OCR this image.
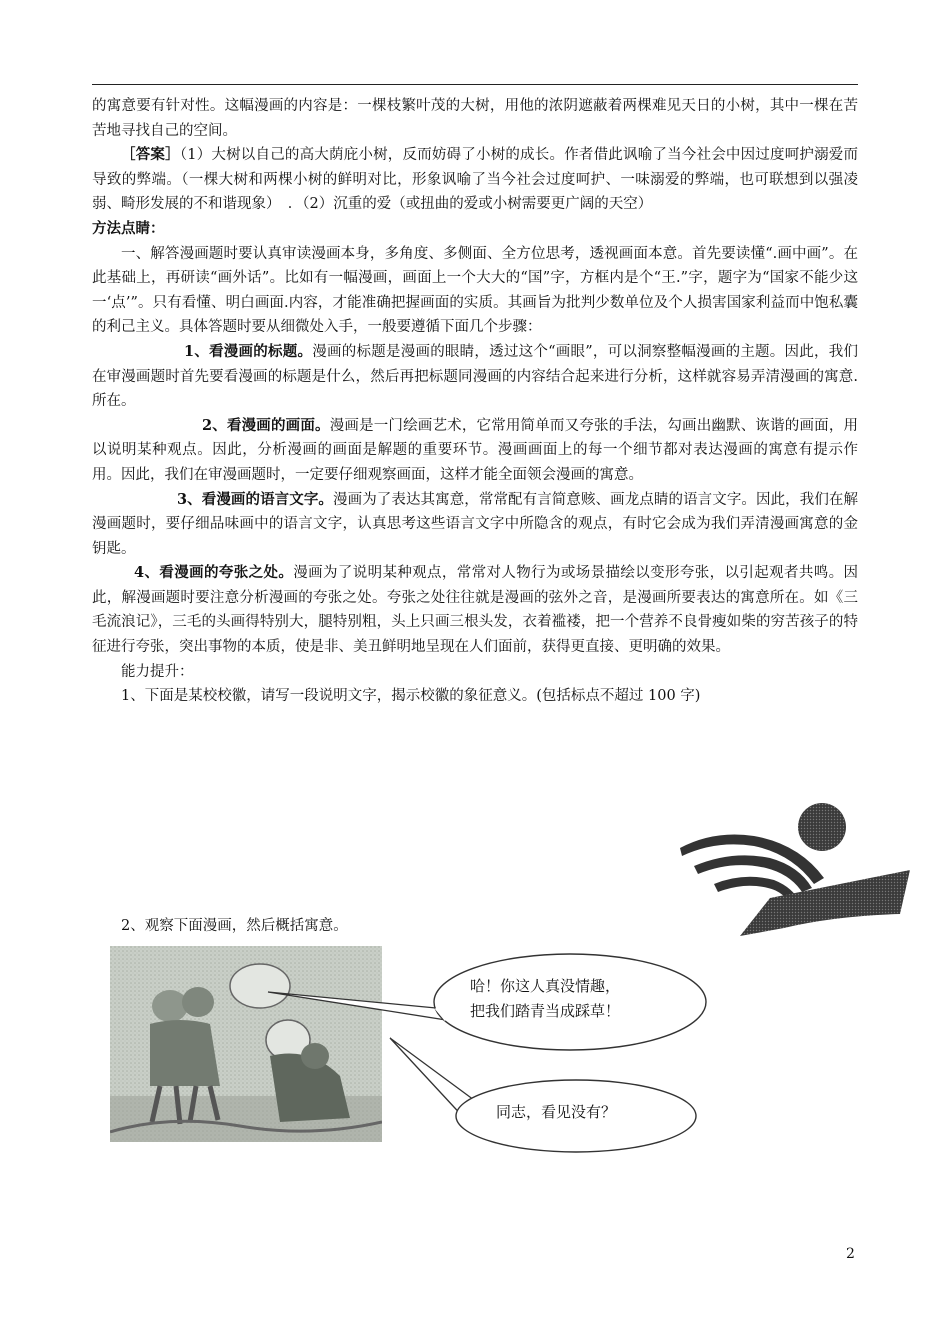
的寓意要有针对性。这幅漫画的内容是：一棵枝繁叶茂的大树，用他的浓阴遮蔽着两棵难见天日的小树，其中一棵在苦苦地寻找自己的空间。

［答案］（1）大树以自己的高大荫庇小树，反而妨碍了小树的成长。作者借此讽喻了当今社会中因过度呵护溺爱而导致的弊端。（一棵大树和两棵小树的鲜明对比，形象讽喻了当今社会过度呵护、一味溺爱的弊端，也可联想到以强凌弱、畸形发展的不和谐现象）　．（2）沉重的爱（或扭曲的爱或小树需要更广阔的天空）

方法点睛：

一、解答漫画题时要认真审读漫画本身，多角度、多侧面、全方位思考，透视画面本意。首先要读懂“.画中画”。在此基础上，再研读“画外话”。比如有一幅漫画，画面上一个大大的“国”字，方框内是个“王.”字，题字为“国家不能少这一‘点’”。只有看懂、明白画面.内容，才能准确把握画面的实质。其画旨为批判少数单位及个人损害国家利益而中饱私囊的利己主义。具体答题时要从细微处入手，一般要遵循下面几个步骤：

1、看漫画的标题。漫画的标题是漫画的眼睛，透过这个“画眼”，可以洞察整幅漫画的主题。因此，我们在审漫画题时首先要看漫画的标题是什么，然后再把标题同漫画的内容结合起来进行分析，这样就容易弄清漫画的寓意.所在。

2、看漫画的画面。漫画是一门绘画艺术，它常用简单而又夸张的手法，勾画出幽默、诙谐的画面，用以说明某种观点。因此，分析漫画的画面是解题的重要环节。漫画画面上的每一个细节都对表达漫画的寓意有提示作用。因此，我们在审漫画题时，一定要仔细观察画面，这样才能全面领会漫画的寓意。

3、看漫画的语言文字。漫画为了表达其寓意，常常配有言简意赅、画龙点睛的语言文字。因此，我们在解漫画题时，要仔细品味画中的语言文字，认真思考这些语言文字中所隐含的观点，有时它会成为我们弄清漫画寓意的金钥匙。

4、看漫画的夸张之处。漫画为了说明某种观点，常常对人物行为或场景描绘以变形夸张，以引起观者共鸣。因此，解漫画题时要注意分析漫画的夸张之处。夸张之处往往就是漫画的弦外之音，是漫画所要表达的寓意所在。如《三毛流浪记》，三毛的头画得特别大，腿特别粗，头上只画三根头发，衣着褴褛，把一个营养不良骨瘦如柴的穷苦孩子的特征进行夸张，突出事物的本质，使是非、美丑鲜明地呈现在人们面前，获得更直接、更明确的效果。

能力提升：

1、下面是某校校徽，请写一段说明文字，揭示校徽的象征意义。(包括标点不超过 100 字)

2、观察下面漫画，然后概括寓意。
哈！你这人真没情趣，
把我们踏青当成踩草！
同志，看见没有？
2
